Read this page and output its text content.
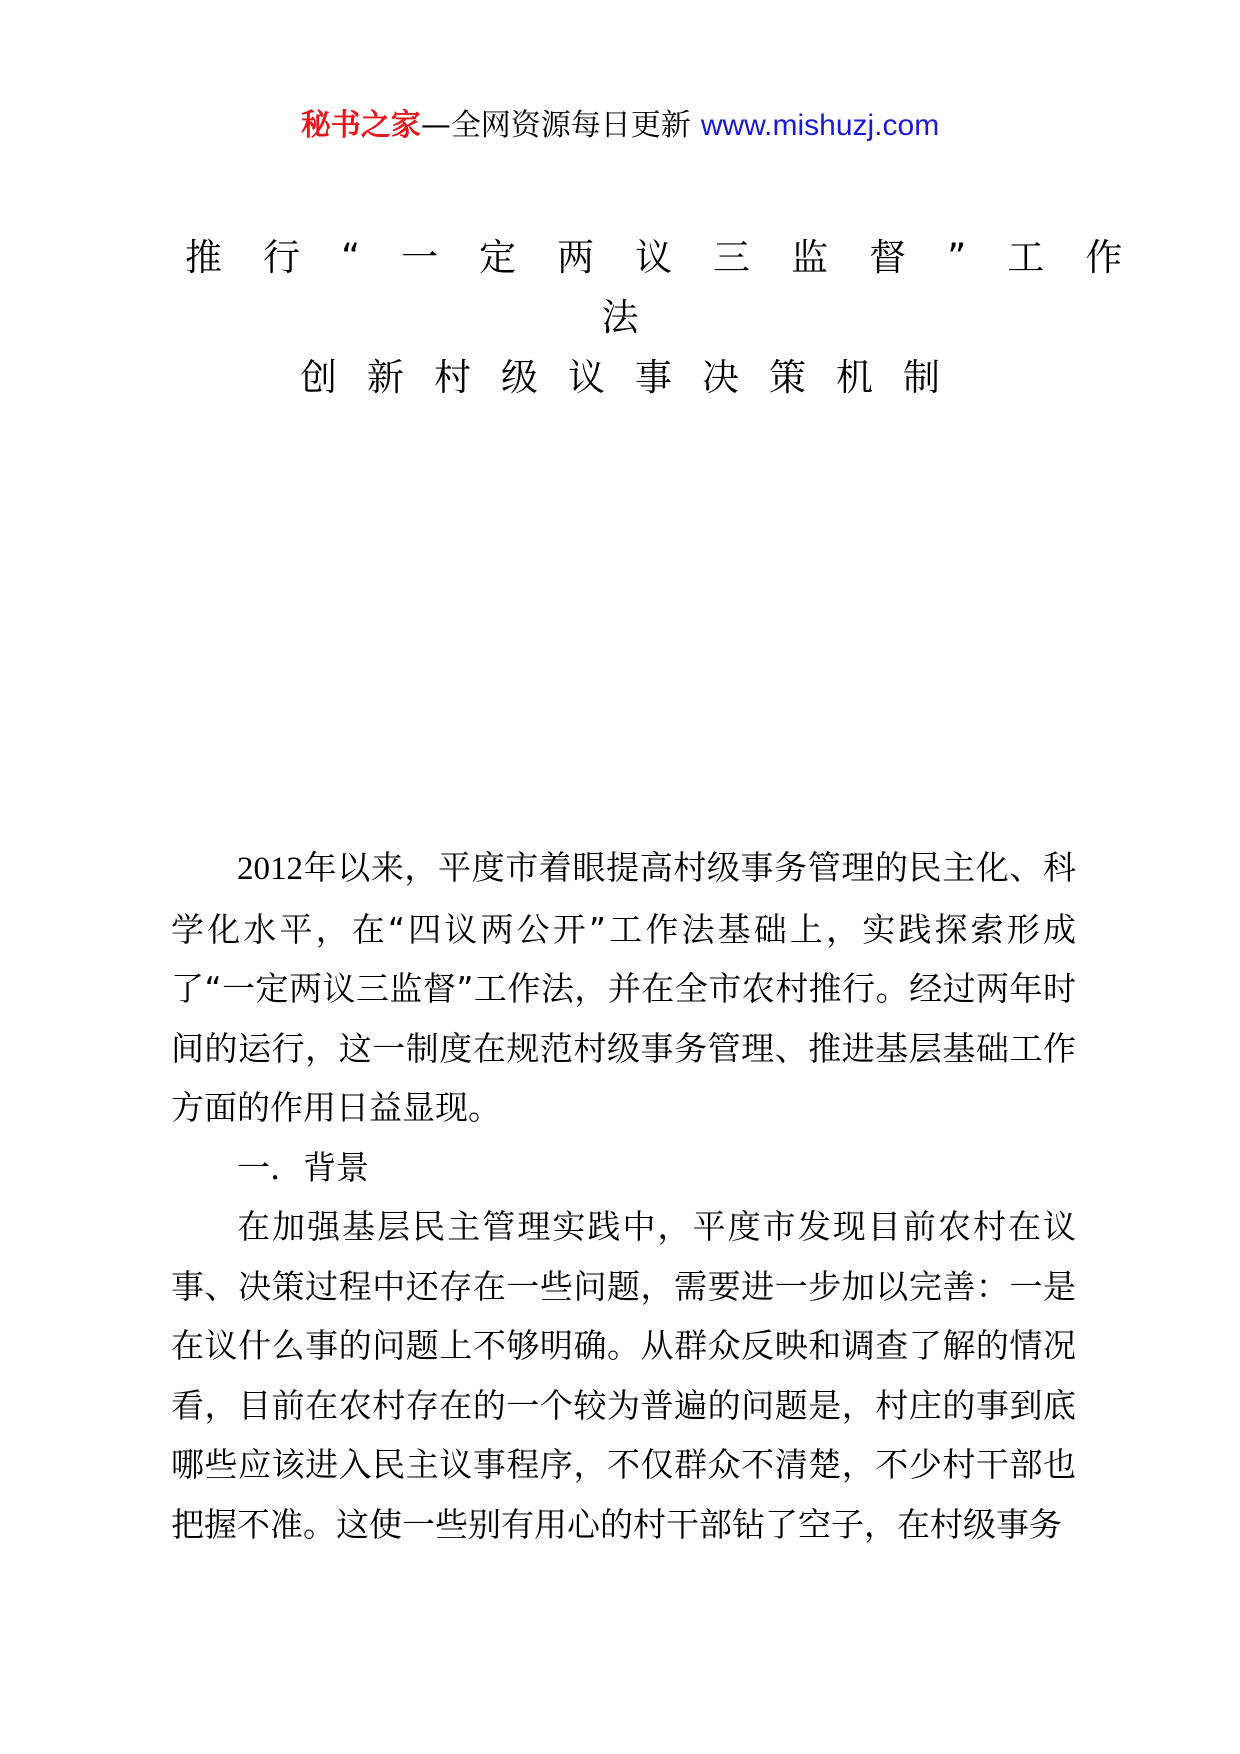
秘书之家—全网资源每日更新 www.mishuzj.com
推行“一定两议三监督”工作
法
创新村级议事决策机制

2012年以来，平度市着眼提高村级事务管理的民主化、科学化水平，在“四议两公开”工作法基础上，实践探索形成了“一定两议三监督”工作法，并在全市农村推行。经过两年时间的运行，这一制度在规范村级事务管理、推进基层基础工作方面的作用日益显现。

一．背景

在加强基层民主管理实践中，平度市发现目前农村在议事、决策过程中还存在一些问题，需要进一步加以完善：一是在议什么事的问题上不够明确。从群众反映和调查了解的情况看，目前在农村存在的一个较为普遍的问题是，村庄的事到底哪些应该进入民主议事程序，不仅群众不清楚，不少村干部也把握不准。这使一些别有用心的村干部钻了空子，在村级事务
